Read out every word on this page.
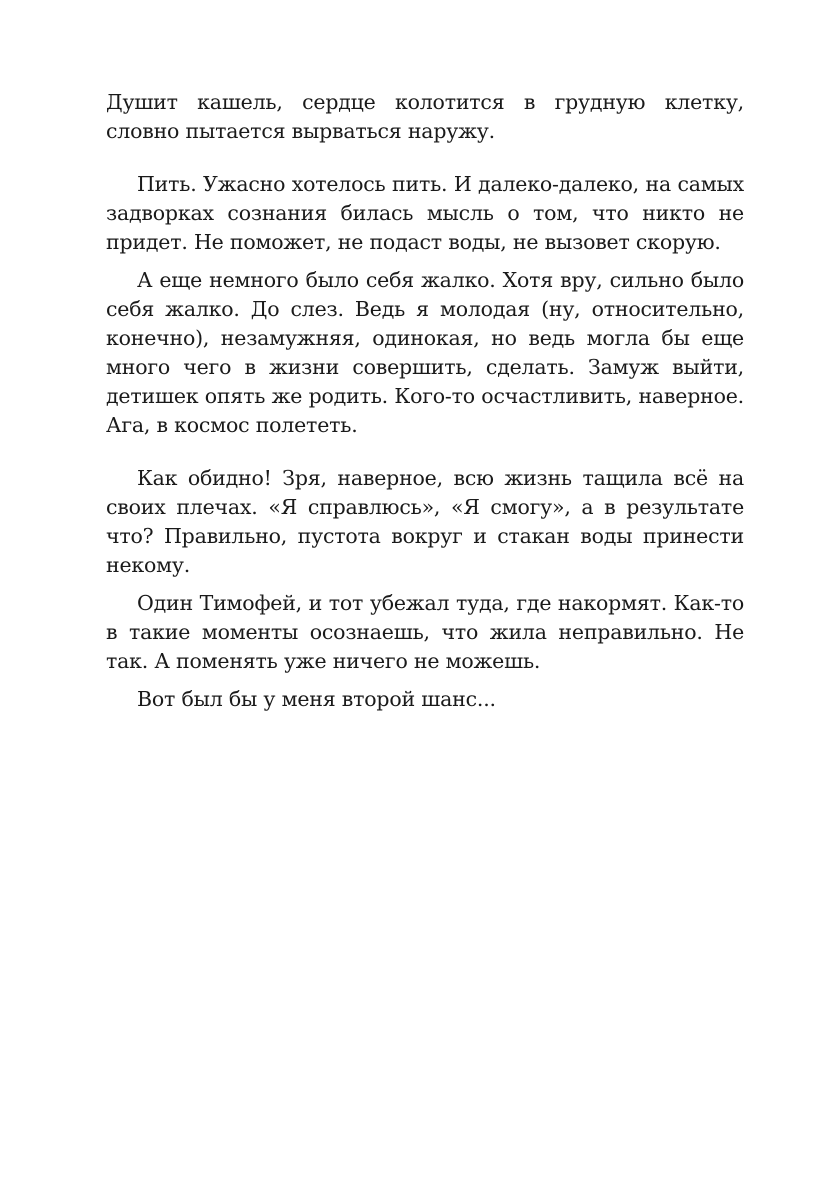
Душит кашель, сердце колотится в грудную клетку, словно пытается вырваться наружу.

Пить. Ужасно хотелось пить. И далеко-далеко, на самых задворках сознания билась мысль о том, что никто не придет. Не поможет, не подаст воды, не вызовет скорую.

А еще немного было себя жалко. Хотя вру, сильно было себя жалко. До слез. Ведь я молодая (ну, относительно, конечно), незамужняя, одинокая, но ведь могла бы еще много чего в жизни совершить, сделать. Замуж выйти, детишек опять же родить. Кого-то осчастливить, наверное. Ага, в космос полететь.

Как обидно! Зря, наверное, всю жизнь тащила всё на своих плечах. «Я справлюсь», «Я смогу», а в результате что? Правильно, пустота вокруг и стакан воды принести некому.

Один Тимофей, и тот убежал туда, где накормят. Как-то в такие моменты осознаешь, что жила неправильно. Не так. А поменять уже ничего не можешь.

Вот был бы у меня второй шанс...
